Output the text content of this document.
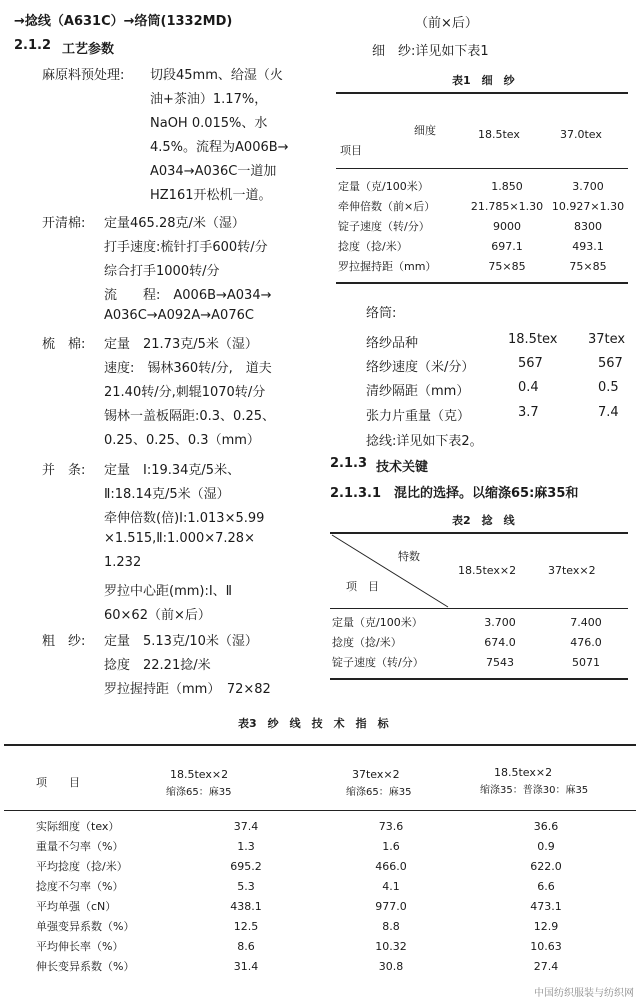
→捻线（A631C）→络筒(1332MD)
2.1.2 工艺参数
麻原料预处理: 切段45mm、给湿（火
油+茶油）1.17%，
NaOH 0.015%、水
4.5%。流程为A006B→
A034→A036C一道加
HZ161开松机一道。
开清棉: 定量465.28克/米（湿）
打手速度:梳针打手600转/分
综合打手1000转/分
流　　程:　A006B→A034→
A036C→A092A→A076C
梳　棉: 定量　21.73克/5米（湿）
速度:　锡林360转/分,　道夫
21.40转/分,刺辊1070转/分
锡林一盖板隔距:0.3、0.25、
0.25、0.25、0.3（mm）
并　条: 定量　I:19.34克/5米、
Ⅱ:18.14克/5米（湿）
牵伸倍数(倍)I:1.013×5.99
×1.515,Ⅱ:1.000×7.28×
1.232
罗拉中心距(mm):I、Ⅱ
60×62（前×后）
粗　纱: 定量　5.13克/10米（湿）
捻度　22.21捻/米
罗拉握持距（mm）　72×82
（前×后）
细　纱:详见如下表1
表1　细　纱
细度
项目
18.5tex	37.0tex
定量（克/100米）	1.850	3.700
牵伸倍数（前×后）	21.785×1.30	10.927×1.30
锭子速度（转/分）	9000	8300
捻度（捻/米）	697.1	493.1
罗拉握持距（mm）	75×85	75×85
络筒:
络纱品种	18.5tex 37tex
络纱速度（米/分）	567	567
清纱隔距（mm）	0.4	0.5
张力片重量（克）	3.7	7.4
捻线:详见如下表2。
2.1.3 技术关键
2.1.3.1　混比的选择。以缩涤65:麻35和
表2　捻　线
特数
项　目
18.5tex×2	37tex×2
定量（克/100米）	3.700	7.400
捻度（捻/米）	674.0	476.0
锭子速度（转/分）	7543	5071
表3　纱　线　技　术　指　标
项　　目
18.5tex×2
缩涤65：麻35
37tex×2
缩涤65：麻35
18.5tex×2
缩涤35：普涤30：麻35
实际细度（tex）	37.4	73.6	36.6
重量不匀率（%）	1.3	1.6	0.9
平均捻度（捻/米）	695.2	466.0	622.0
捻度不匀率（%）	5.3	4.1	6.6
平均单强（cN）	438.1	977.0	473.1
单强变异系数（%）	12.5	8.8	12.9
平均伸长率（%）	8.6	10.32	10.63
伸长变异系数（%）	31.4	30.8	27.4
中国纺织服装与纺织网
